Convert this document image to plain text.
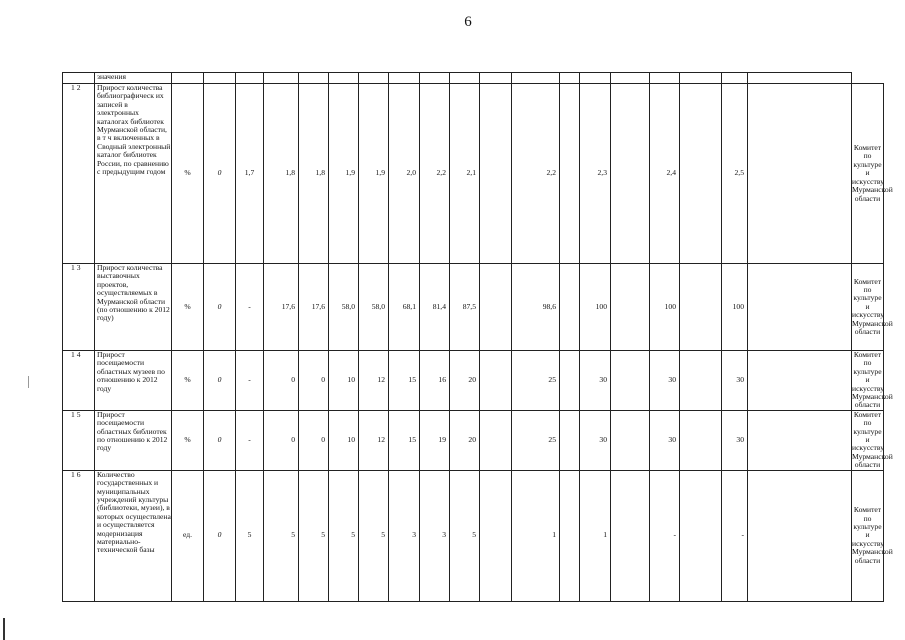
6
	значения																				
1 2	Прирост количества библиографическ их записей в электронных каталогах библиотек Мурманской области, в т ч включенных в Сводный электронный каталог библиотек России, по сравнению с предыдущим годом	%	0	1,7	1,8	1,8	1,9	1,9	2,0	2,2	2,1		2,2		2,3		2,4		2,5		Комитет по культуре и искусству Мурманской области
1 3	Прирост количества выставочных проектов, осуществляемых в Мурманской области (по отношению к 2012 году)	%	0	-	17,6	17,6	58,0	58,0	68,1	81,4	87,5		98,6		100		100		100		Комитет по культуре и искусству Мурманской области
1 4	Прирост посещаемости областных музеев по отношению к 2012 году	%	0	-	0	0	10	12	15	16	20		25		30		30		30		Комитет по культуре и искусству Мурманской области
1 5	Прирост посещаемости областных библиотек по отношению к 2012 году	%	0	-	0	0	10	12	15	19	20		25		30		30		30		Комитет по культуре и искусству Мурманской области
1 6	Количество государственных и муниципальных учреждений культуры (библиотеки, музеи), в которых осуществлена и осуществляется модернизация материально-технической базы	ед.	0	5	5	5	5	5	3	3	5		1		1		-		-		Комитет по культуре и искусству Мурманской области
